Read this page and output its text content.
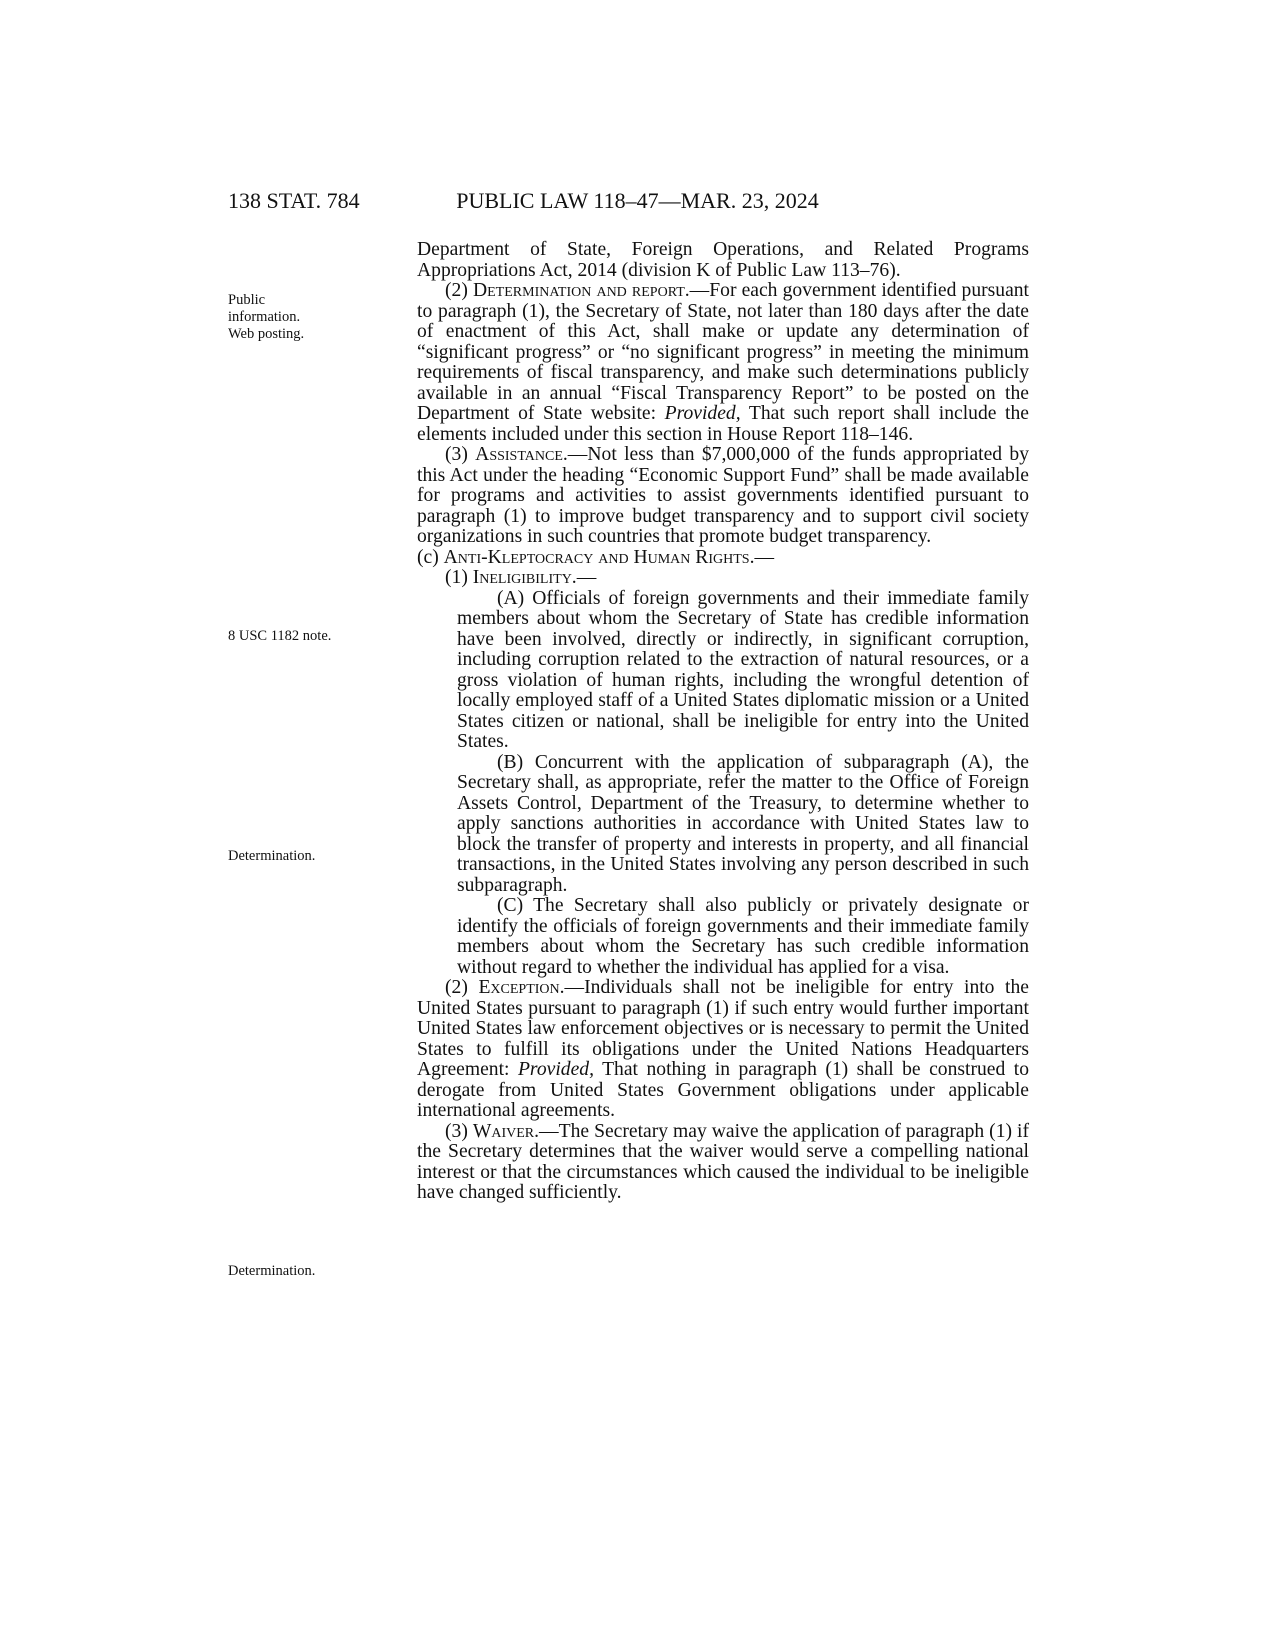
138 STAT. 784	PUBLIC LAW 118–47—MAR. 23, 2024
Public
information.
Web posting.
8 USC 1182 note.
Determination.
Determination.

Department of State, Foreign Operations, and Related Programs Appropriations Act, 2014 (division K of Public Law 113–76).

(2) Determination and report.—For each government identified pursuant to paragraph (1), the Secretary of State, not later than 180 days after the date of enactment of this Act, shall make or update any determination of “significant progress” or “no significant progress” in meeting the minimum requirements of fiscal transparency, and make such determinations publicly available in an annual “Fiscal Transparency Report” to be posted on the Department of State website: Provided, That such report shall include the elements included under this section in House Report 118–146.

(3) Assistance.—Not less than $7,000,000 of the funds appropriated by this Act under the heading “Economic Support Fund” shall be made available for programs and activities to assist governments identified pursuant to paragraph (1) to improve budget transparency and to support civil society organizations in such countries that promote budget transparency.

(c) Anti-Kleptocracy and Human Rights.—

(1) Ineligibility.—

(A) Officials of foreign governments and their immediate family members about whom the Secretary of State has credible information have been involved, directly or indirectly, in significant corruption, including corruption related to the extraction of natural resources, or a gross violation of human rights, including the wrongful detention of locally employed staff of a United States diplomatic mission or a United States citizen or national, shall be ineligible for entry into the United States.

(B) Concurrent with the application of subparagraph (A), the Secretary shall, as appropriate, refer the matter to the Office of Foreign Assets Control, Department of the Treasury, to determine whether to apply sanctions authorities in accordance with United States law to block the transfer of property and interests in property, and all financial transactions, in the United States involving any person described in such subparagraph.

(C) The Secretary shall also publicly or privately designate or identify the officials of foreign governments and their immediate family members about whom the Secretary has such credible information without regard to whether the individual has applied for a visa.

(2) Exception.—Individuals shall not be ineligible for entry into the United States pursuant to paragraph (1) if such entry would further important United States law enforcement objectives or is necessary to permit the United States to fulfill its obligations under the United Nations Headquarters Agreement: Provided, That nothing in paragraph (1) shall be construed to derogate from United States Government obligations under applicable international agreements.

(3) Waiver.—The Secretary may waive the application of paragraph (1) if the Secretary determines that the waiver would serve a compelling national interest or that the circumstances which caused the individual to be ineligible have changed sufficiently.
